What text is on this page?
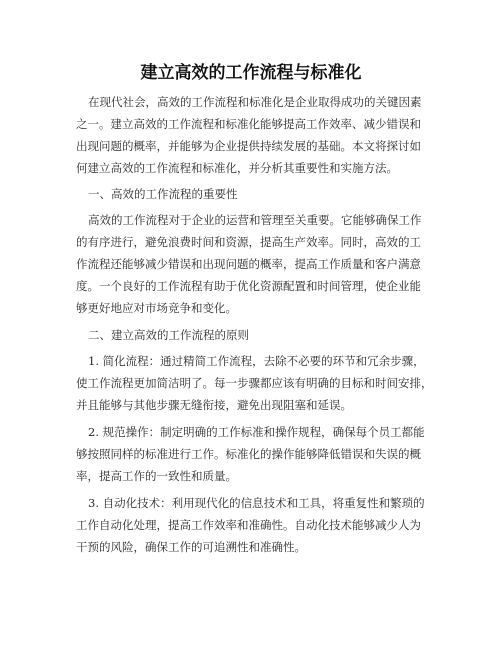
建立高效的工作流程与标准化

在现代社会，高效的工作流程和标准化是企业取得成功的关键因素

之一。建立高效的工作流程和标准化能够提高工作效率、减少错误和

出现问题的概率，并能够为企业提供持续发展的基础。本文将探讨如

何建立高效的工作流程和标准化，并分析其重要性和实施方法。

一、高效的工作流程的重要性

高效的工作流程对于企业的运营和管理至关重要。它能够确保工作

的有序进行，避免浪费时间和资源，提高生产效率。同时，高效的工

作流程还能够减少错误和出现问题的概率，提高工作质量和客户满意

度。一个良好的工作流程有助于优化资源配置和时间管理，使企业能

够更好地应对市场竞争和变化。

二、建立高效的工作流程的原则

1. 简化流程：通过精简工作流程，去除不必要的环节和冗余步骤，

使工作流程更加简洁明了。每一步骤都应该有明确的目标和时间安排，

并且能够与其他步骤无缝衔接，避免出现阻塞和延误。

2. 规范操作：制定明确的工作标准和操作规程，确保每个员工都能

够按照同样的标准进行工作。标准化的操作能够降低错误和失误的概

率，提高工作的一致性和质量。

3. 自动化技术：利用现代化的信息技术和工具，将重复性和繁琐的

工作自动化处理，提高工作效率和准确性。自动化技术能够减少人为

干预的风险，确保工作的可追溯性和准确性。
